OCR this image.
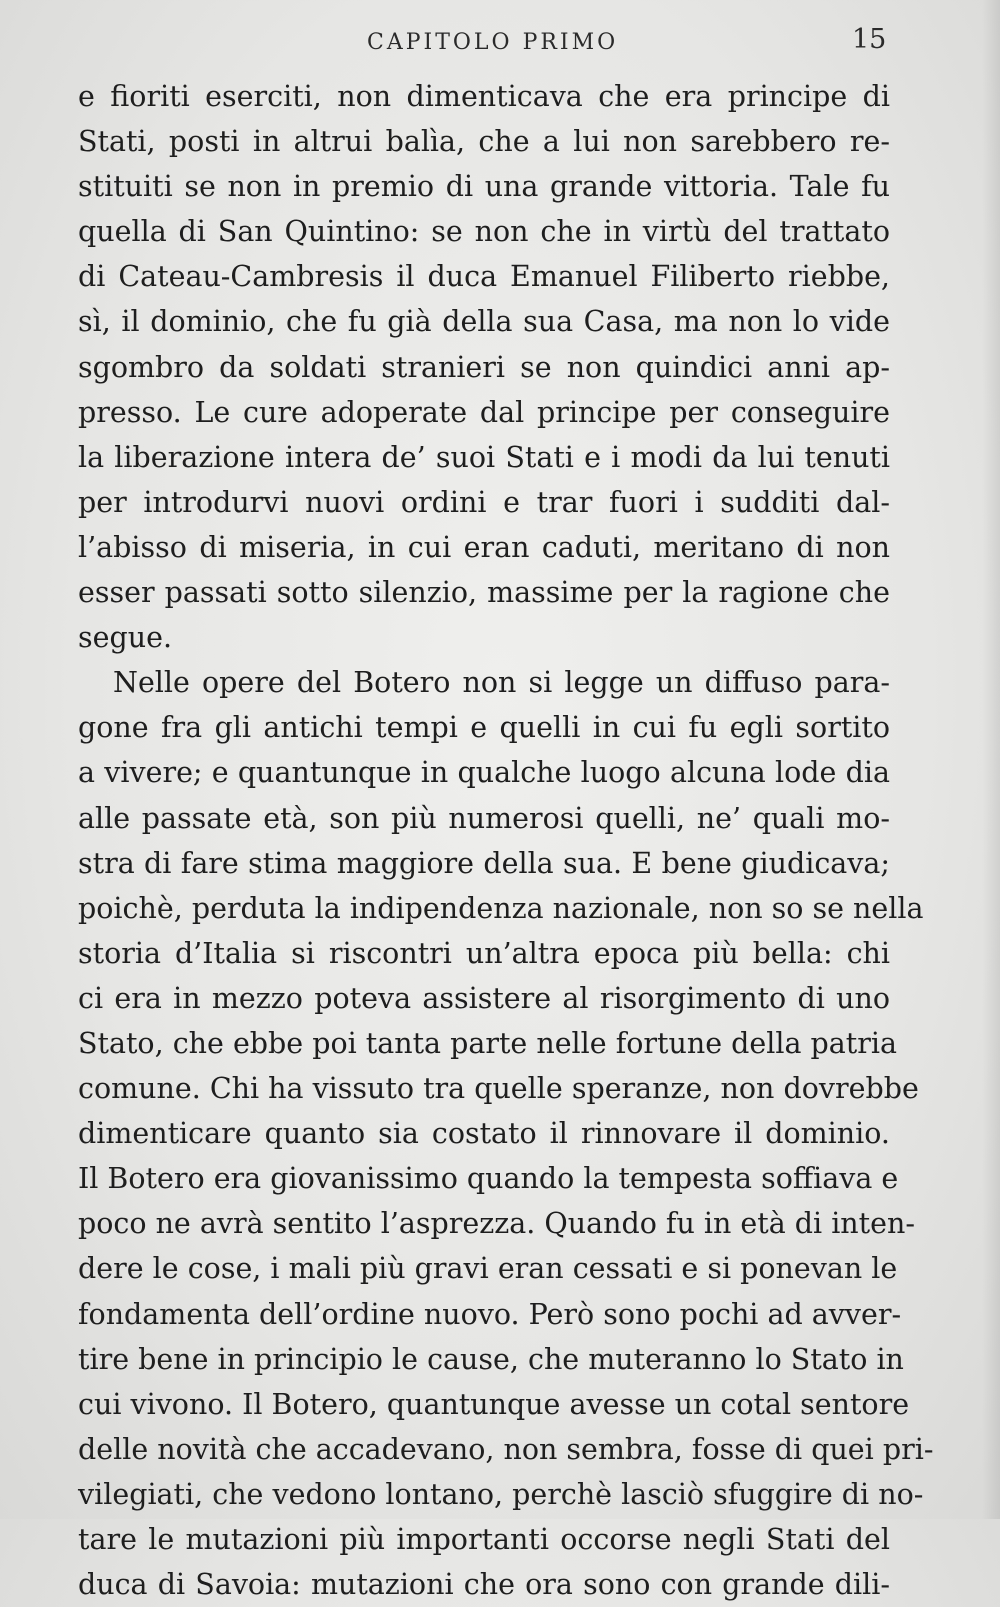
CAPITOLO PRIMO	15
e fioriti eserciti, non dimenticava che era principe di
Stati, posti in altrui balìa, che a lui non sarebbero re-
stituiti se non in premio di una grande vittoria. Tale fu
quella di San Quintino: se non che in virtù del trattato
di Cateau-Cambresis il duca Emanuel Filiberto riebbe,
sì, il dominio, che fu già della sua Casa, ma non lo vide
sgombro da soldati stranieri se non quindici anni ap-
presso. Le cure adoperate dal principe per conseguire
la liberazione intera de’ suoi Stati e i modi da lui tenuti
per introdurvi nuovi ordini e trar fuori i sudditi dal-
l’abisso di miseria, in cui eran caduti, meritano di non
esser passati sotto silenzio, massime per la ragione che
segue.
Nelle opere del Botero non si legge un diffuso para-
gone fra gli antichi tempi e quelli in cui fu egli sortito
a vivere; e quantunque in qualche luogo alcuna lode dia
alle passate età, son più numerosi quelli, ne’ quali mo-
stra di fare stima maggiore della sua. E bene giudicava;
poichè, perduta la indipendenza nazionale, non so se nella
storia d’Italia si riscontri un’altra epoca più bella: chi
ci era in mezzo poteva assistere al risorgimento di uno
Stato, che ebbe poi tanta parte nelle fortune della patria
comune. Chi ha vissuto tra quelle speranze, non dovrebbe
dimenticare quanto sia costato il rinnovare il dominio.
Il Botero era giovanissimo quando la tempesta soffiava e
poco ne avrà sentito l’asprezza. Quando fu in età di inten-
dere le cose, i mali più gravi eran cessati e si ponevan le
fondamenta dell’ordine nuovo. Però sono pochi ad avver-
tire bene in principio le cause, che muteranno lo Stato in
cui vivono. Il Botero, quantunque avesse un cotal sentore
delle novità che accadevano, non sembra, fosse di quei pri-
vilegiati, che vedono lontano, perchè lasciò sfuggire di no-
tare le mutazioni più importanti occorse negli Stati del
duca di Savoia: mutazioni che ora sono con grande dili-
